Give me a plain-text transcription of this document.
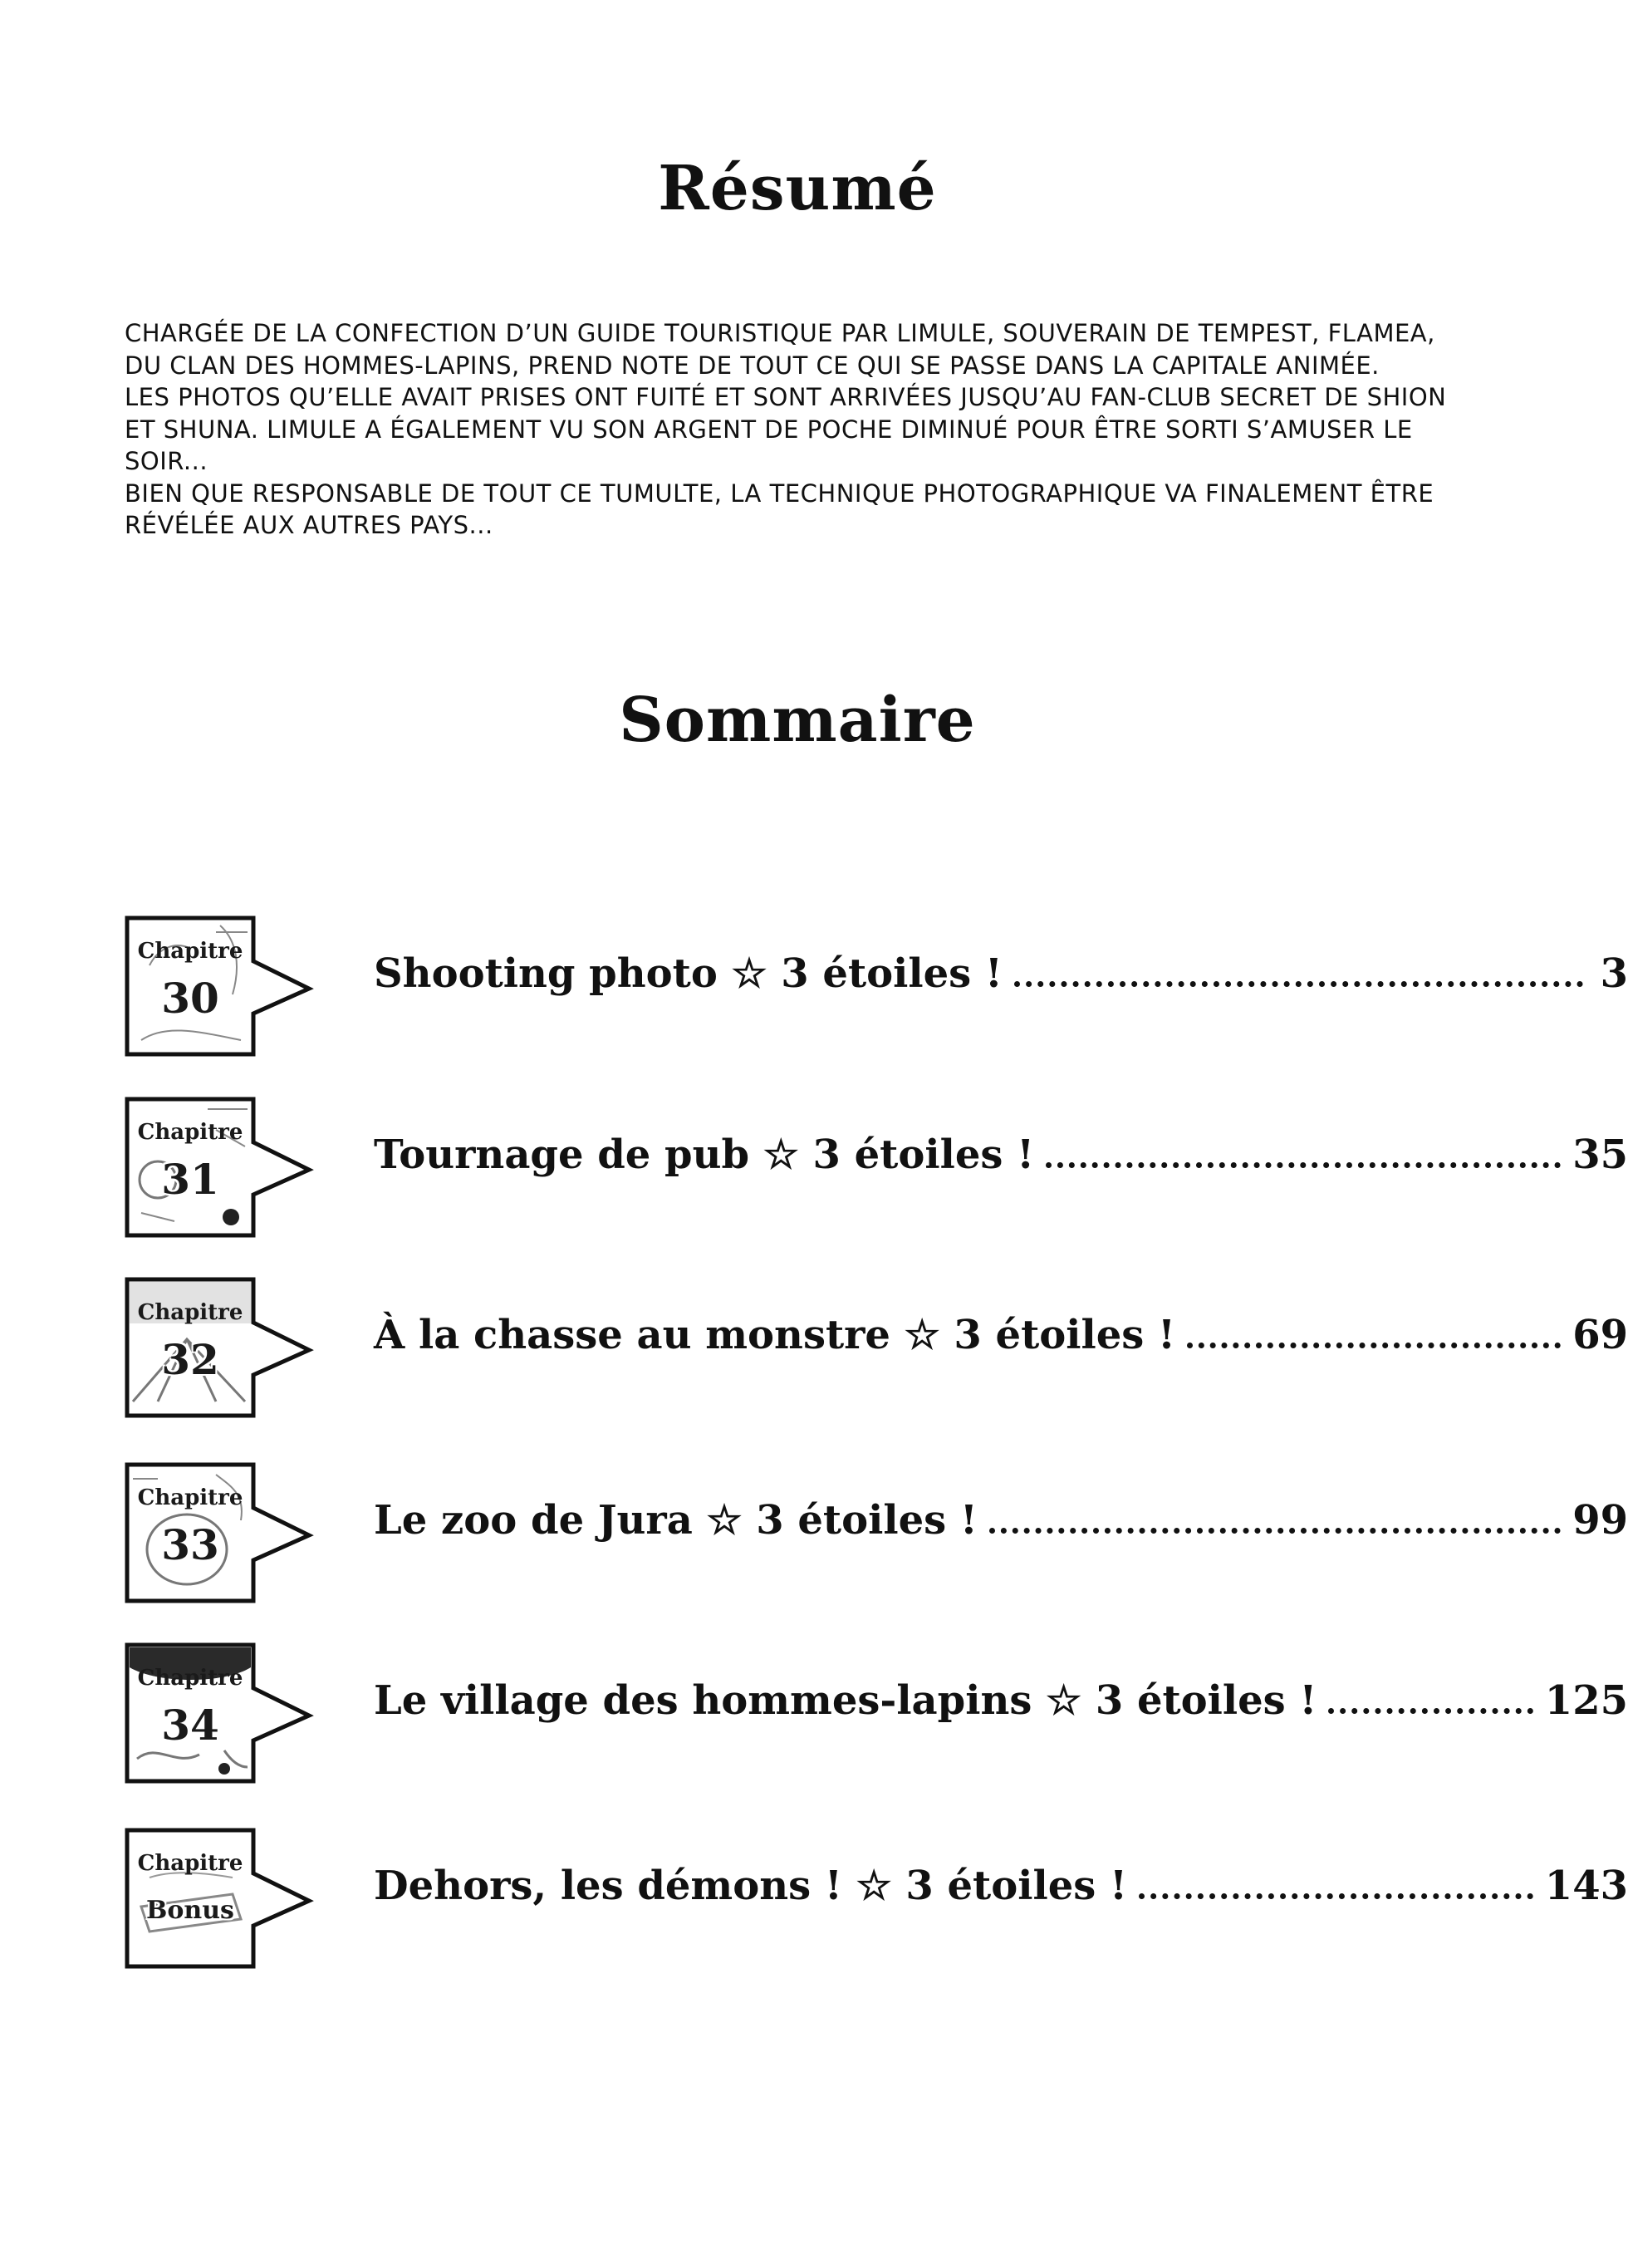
Résumé

CHARGÉE DE LA CONFECTION D’UN GUIDE TOURISTIQUE PAR LIMULE, SOUVERAIN DE TEMPEST, FLAMEA,
DU CLAN DES HOMMES-LAPINS, PREND NOTE DE TOUT CE QUI SE PASSE DANS LA CAPITALE ANIMÉE.
LES PHOTOS QU’ELLE AVAIT PRISES ONT FUITÉ ET SONT ARRIVÉES JUSQU’AU FAN-CLUB SECRET DE SHION
ET SHUNA. LIMULE A ÉGALEMENT VU SON ARGENT DE POCHE DIMINUÉ POUR ÊTRE SORTI S’AMUSER LE
SOIR...
BIEN QUE RESPONSABLE DE TOUT CE TUMULTE, LA TECHNIQUE PHOTOGRAPHIQUE VA FINALEMENT ÊTRE
RÉVÉLÉE AUX AUTRES PAYS...

Sommaire
Chapitre
30	Shooting photo ☆ 3 étoiles !	3
Chapitre
31	Tournage de pub ☆ 3 étoiles !	35
Chapitre
32	À la chasse au monstre ☆ 3 étoiles !	69
Chapitre
33	Le zoo de Jura ☆ 3 étoiles !	99
Chapitre
34	Le village des hommes-lapins ☆ 3 étoiles !	125
Chapitre
Bonus
Dehors, les démons ! ☆ 3 étoiles !	143
